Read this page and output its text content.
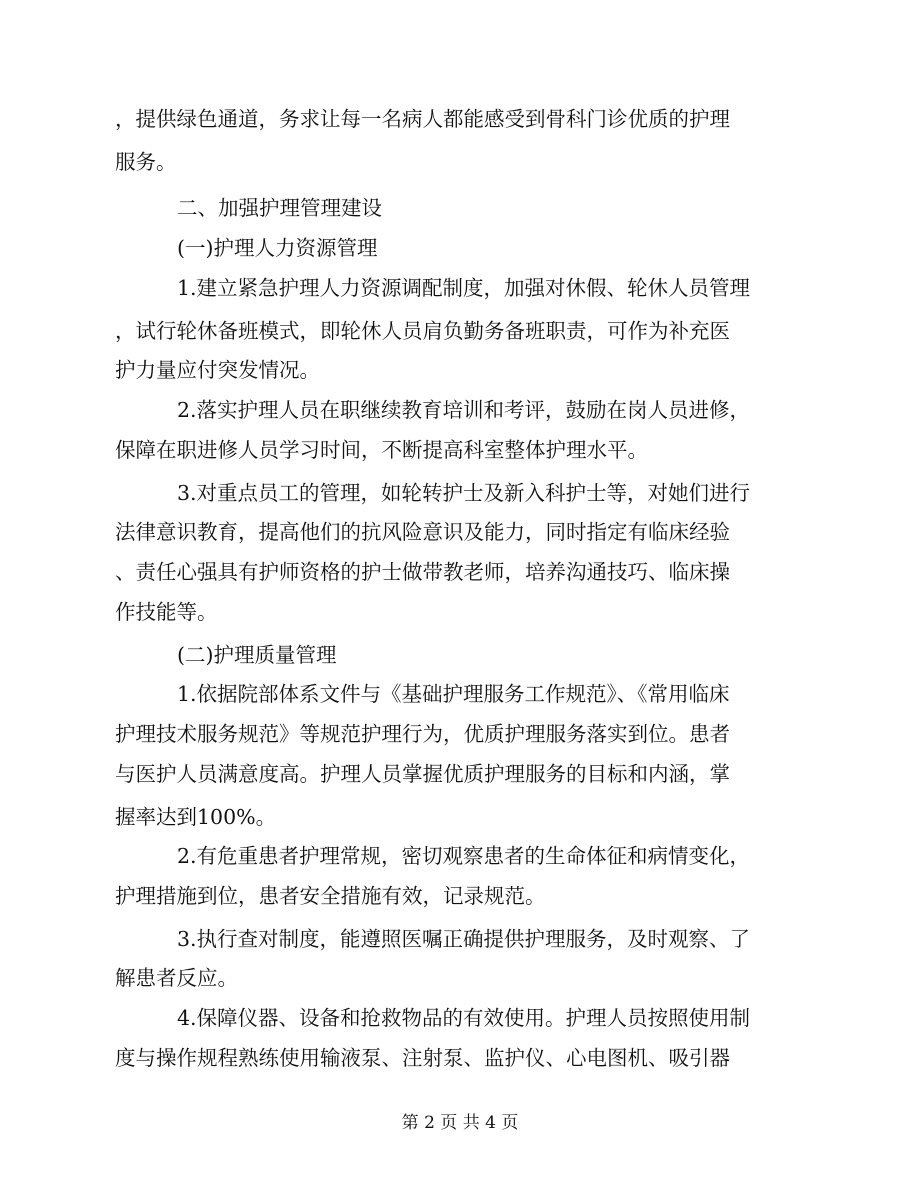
，提供绿色通道，务求让每一名病人都能感受到骨科门诊优质的护理
服务。
二、加强护理管理建设
(一)护理人力资源管理
1.建立紧急护理人力资源调配制度，加强对休假、轮休人员管理
，试行轮休备班模式，即轮休人员肩负勤务备班职责，可作为补充医
护力量应付突发情况。
2.落实护理人员在职继续教育培训和考评，鼓励在岗人员进修，
保障在职进修人员学习时间，不断提高科室整体护理水平。
3.对重点员工的管理，如轮转护士及新入科护士等，对她们进行
法律意识教育，提高他们的抗风险意识及能力，同时指定有临床经验
、责任心强具有护师资格的护士做带教老师，培养沟通技巧、临床操
作技能等。
(二)护理质量管理
1.依据院部体系文件与《基础护理服务工作规范》、《常用临床
护理技术服务规范》等规范护理行为，优质护理服务落实到位。患者
与医护人员满意度高。护理人员掌握优质护理服务的目标和内涵，掌
握率达到100%。
2.有危重患者护理常规，密切观察患者的生命体征和病情变化，
护理措施到位，患者安全措施有效，记录规范。
3.执行查对制度，能遵照医嘱正确提供护理服务，及时观察、了
解患者反应。
4.保障仪器、设备和抢救物品的有效使用。护理人员按照使用制
度与操作规程熟练使用输液泵、注射泵、监护仪、心电图机、吸引器
第 2 页 共 4 页
